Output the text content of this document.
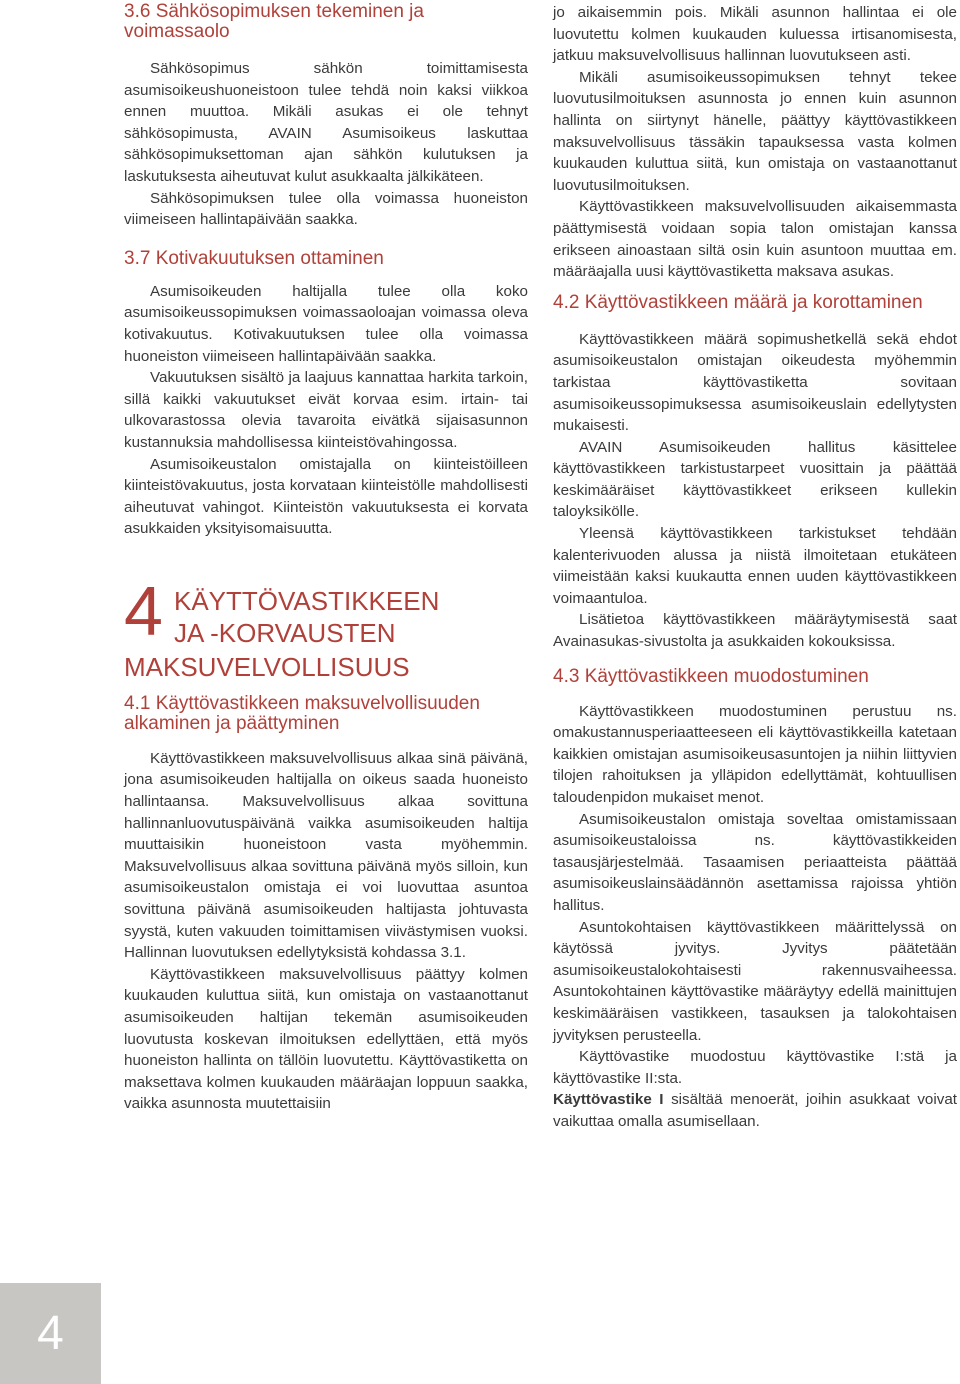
3.6 Sähkösopimuksen tekeminen ja voimassaolo

Sähkösopimus sähkön toimittamisesta asumisoikeushuoneistoon tulee tehdä noin kaksi viikkoa ennen muuttoa. Mikäli asukas ei ole tehnyt sähkösopimusta, AVAIN Asumisoikeus laskuttaa sähkösopimuksettoman ajan sähkön kulutuksen ja laskutuksesta aiheutuvat kulut asukkaalta jälkikäteen.

Sähkösopimuksen tulee olla voimassa huoneiston viimeiseen hallintapäivään saakka.

3.7 Kotivakuutuksen ottaminen

Asumisoikeuden haltijalla tulee olla koko asumisoikeussopimuksen voimassaoloajan voimassa oleva kotivakuutus. Kotivakuutuksen tulee olla voimassa huoneiston viimeiseen hallintapäivään saakka.

Vakuutuksen sisältö ja laajuus kannattaa harkita tarkoin, sillä kaikki vakuutukset eivät korvaa esim. irtain- tai ulkovarastossa olevia tavaroita eivätkä sijaisasunnon kustannuksia mahdollisessa kiinteistövahingossa.

Asumisoikeustalon omistajalla on kiinteistöilleen kiinteistövakuutus, josta korvataan kiinteistölle mahdollisesti aiheutuvat vahingot. Kiinteistön vakuutuksesta ei korvata asukkaiden yksityisomaisuutta.

4 KÄYTTÖVASTIKKEEN
JA -KORVAUSTEN
MAKSUVELVOLLISUUS
4.1 Käyttövastikkeen maksuvelvollisuuden alkaminen ja päättyminen

Käyttövastikkeen maksuvelvollisuus alkaa sinä päivänä, jona asumisoikeuden haltijalla on oikeus saada huoneisto hallintaansa. Maksuvelvollisuus alkaa sovittuna hallinnanluovutuspäivänä vaikka asumisoikeuden haltija muuttaisikin huoneistoon vasta myöhemmin. Maksuvelvollisuus alkaa sovittuna päivänä myös silloin, kun asumisoikeustalon omistaja ei voi luovuttaa asuntoa sovittuna päivänä asumisoikeuden haltijasta johtuvasta syystä, kuten vakuuden toimittamisen viivästymisen vuoksi. Hallinnan luovutuksen edellytyksistä kohdassa 3.1.

Käyttövastikkeen maksuvelvollisuus päättyy kolmen kuukauden kuluttua siitä, kun omistaja on vastaanottanut asumisoikeuden haltijan tekemän asumisoikeuden luovutusta koskevan ilmoituksen edellyttäen, että myös huoneiston hallinta on tällöin luovutettu. Käyttövastiketta on maksettava kolmen kuukauden määräajan loppuun saakka, vaikka asunnosta muutettaisiin

jo aikaisemmin pois. Mikäli asunnon hallintaa ei ole luovutettu kolmen kuukauden kuluessa irtisanomisesta, jatkuu maksuvelvollisuus hallinnan luovutukseen asti.

Mikäli asumisoikeussopimuksen tehnyt tekee luovutusilmoituksen asunnosta jo ennen kuin asunnon hallinta on siirtynyt hänelle, päättyy käyttövastikkeen maksuvelvollisuus tässäkin tapauksessa vasta kolmen kuukauden kuluttua siitä, kun omistaja on vastaanottanut luovutusilmoituksen.

Käyttövastikkeen maksuvelvollisuuden aikaisemmasta päättymisestä voidaan sopia talon omistajan kanssa erikseen ainoastaan siltä osin kuin asuntoon muuttaa em. määräajalla uusi käyttövastiketta maksava asukas.

4.2 Käyttövastikkeen määrä ja korottaminen

Käyttövastikkeen määrä sopimushetkellä sekä ehdot asumisoikeustalon omistajan oikeudesta myöhemmin tarkistaa käyttövastiketta sovitaan asumisoikeussopimuksessa asumisoikeuslain edellytysten mukaisesti.

AVAIN Asumisoikeuden hallitus käsittelee käyttövastikkeen tarkistustarpeet vuosittain ja päättää keskimääräiset käyttövastikkeet erikseen kullekin taloyksikölle.

Yleensä käyttövastikkeen tarkistukset tehdään kalenterivuoden alussa ja niistä ilmoitetaan etukäteen viimeistään kaksi kuukautta ennen uuden käyttövastikkeen voimaantuloa.

Lisätietoa käyttövastikkeen määräytymisestä saat Avainasukas-sivustolta ja asukkaiden kokouksissa.

4.3 Käyttövastikkeen muodostuminen

Käyttövastikkeen muodostuminen perustuu ns. omakustannusperiaatteeseen eli käyttövastikkeilla katetaan kaikkien omistajan asumisoikeusasuntojen ja niihin liittyvien tilojen rahoituksen ja ylläpidon edellyttämät, kohtuullisen taloudenpidon mukaiset menot.

Asumisoikeustalon omistaja soveltaa omistamissaan asumisoikeustaloissa ns. käyttövastikkeiden tasausjärjestelmää. Tasaamisen periaatteista päättää asumisoikeuslainsäädännön asettamissa rajoissa yhtiön hallitus.

Asuntokohtaisen käyttövastikkeen määrittelyssä on käytössä jyvitys. Jyvitys päätetään asumisoikeustalokohtaisesti rakennusvaiheessa. Asuntokohtainen käyttövastike määräytyy edellä mainittujen keskimääräisen vastikkeen, tasauksen ja talokohtaisen jyvityksen perusteella.

Käyttövastike muodostuu käyttövastike I:stä ja käyttövastike II:sta.

Käyttövastike I sisältää menoerät, joihin asukkaat voivat vaikuttaa omalla asumisellaan.

4
